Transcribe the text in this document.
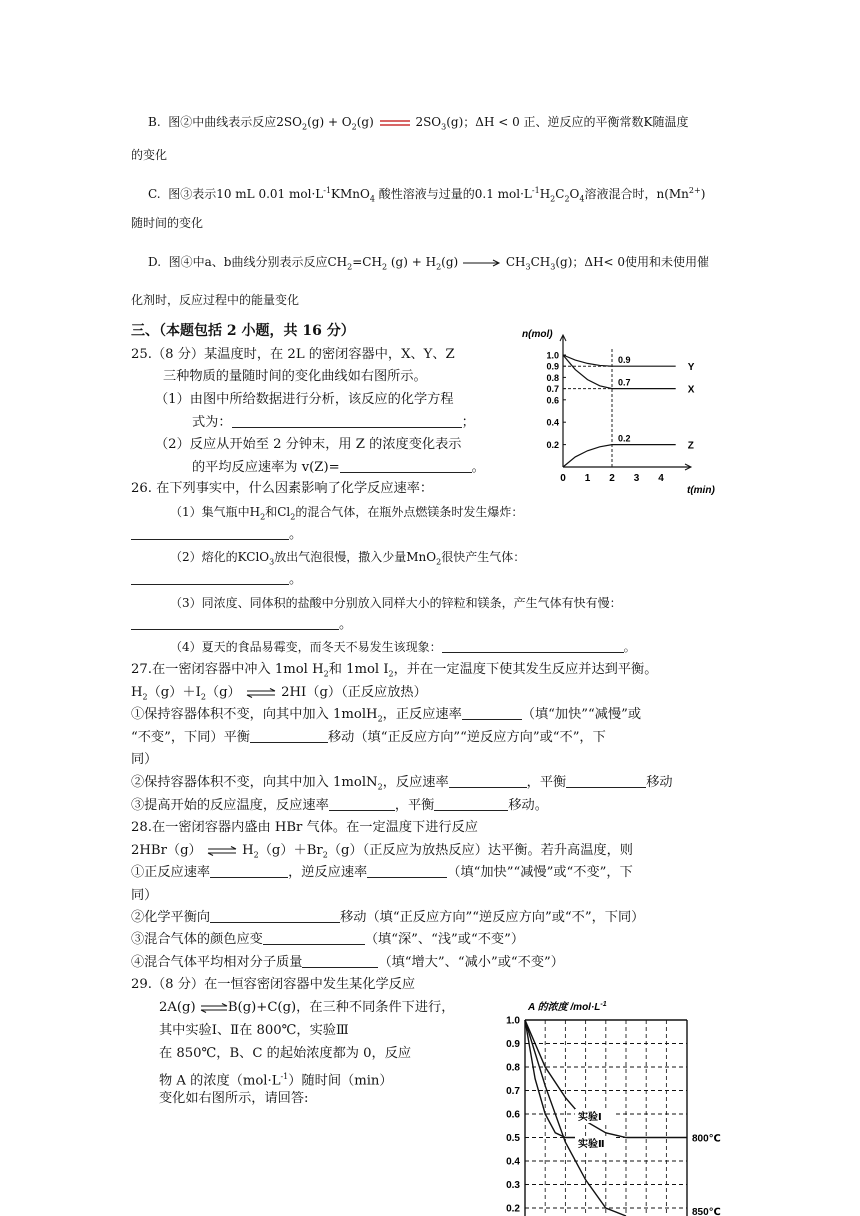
B. 图②中曲线表示反应$2SO_2(g) + O_2(g)$	$2SO_3(g)$；ΔH < 0 正、逆反应的平衡常数K随温度
的变化
C. 图③表示10 mL 0.01 $mol\cdot L^{-1}KMnO_4$ 酸性溶液与过量的0.1 $mol\cdot L^{-1}H_2C_2O_4$溶液混合时，$n(Mn^{2+})$
随时间的变化
D. 图④中a、b曲线分别表示反应$CH_2=CH_2$ $(g) + H_2(g) \to CH_3CH_3(g)$；ΔH< 0使用和未使用催
化剂时，反应过程中的能量变化
三、（本题包括 2 小题，共 16 分）
25.（8 分）某温度时，在 2L 的密闭容器中，X、Y、Z
三种物质的量随时间的变化曲线如右图所示。
（1）由图中所给数据进行分析，该反应的化学方程
式为：	；
（2）反应从开始至 2 分钟末，用 Z 的浓度变化表示
的平均反应速率为 v(Z)=	。
n(mol)
t(min)
1.0
0.9
0.8
0.7
0.6
0.4
0.2
0 1 2 3 4
0.9
Y
0.7
X
0.2
Z
26. 在下列事实中，什么因素影响了化学反应速率：
（1）集气瓶中$H_2$和$Cl_2$的混合气体，在瓶外点燃镁条时发生爆炸：
。
（2）熔化的KClO$_3$放出气泡很慢，撒入少量MnO$_2$很快产生气体：
。
（3）同浓度、同体积的盐酸中分别放入同样大小的锌粒和镁条，产生气体有快有慢：
。
（4）夏天的食品易霉变，而冬天不易发生该现象：	。
27.在一密闭容器中冲入 1mol $H_2$和 1mol $I_2$，并在一定温度下使其发生反应并达到平衡。
$H_2(g)+I_2(g)$ ⇌ 2HI（g）（正反应放热）
①保持容器体积不变，向其中加入 1molH$_2$，正反应速率	（填“加快”“减慢”或
“不变”，下同）平衡	移动（填“正反应方向”“逆反应方向”或“不”，下
同）
②保持容器体积不变，向其中加入 1molN$_2$，反应速率	，平衡	移动
③提高开始的反应温度，反应速率	，平衡	移动。
28.在一密闭容器内盛由 HBr 气体。在一定温度下进行反应
2HBr（g） ⇌ $H_2(g)+Br_2(g)$（正反应为放热反应）达平衡。若升高温度，则
①正反应速率	，逆反应速率	（填“加快”“减慢”或“不变”，下
同）
②化学平衡向	移动（填“正反应方向”“逆反应方向”或“不”，下同）
③混合气体的颜色应变	（填“深”、“浅”或“不变”）
④混合气体平均相对分子质量	（填“增大”、“减小”或“不变”）
29.（8 分）在一恒容密闭容器中发生某化学反应
2A(g) ⇌B(g)+C(g)，在三种不同条件下进行，
其中实验Ⅰ、Ⅱ在 800℃，实验Ⅲ
在 850℃，B、C 的起始浓度都为 0，反应
物 A 的浓度$(mol\cdot L^{-1})$随时间（min）
变化如右图所示，请回答:
A 的浓度 $/mol\cdot L^{-1}$
1.0
0.9
0.8
0.7
0.6
0.5
0.4
0.3
0.2
实验Ⅰ
实验Ⅱ	800℃
850℃
